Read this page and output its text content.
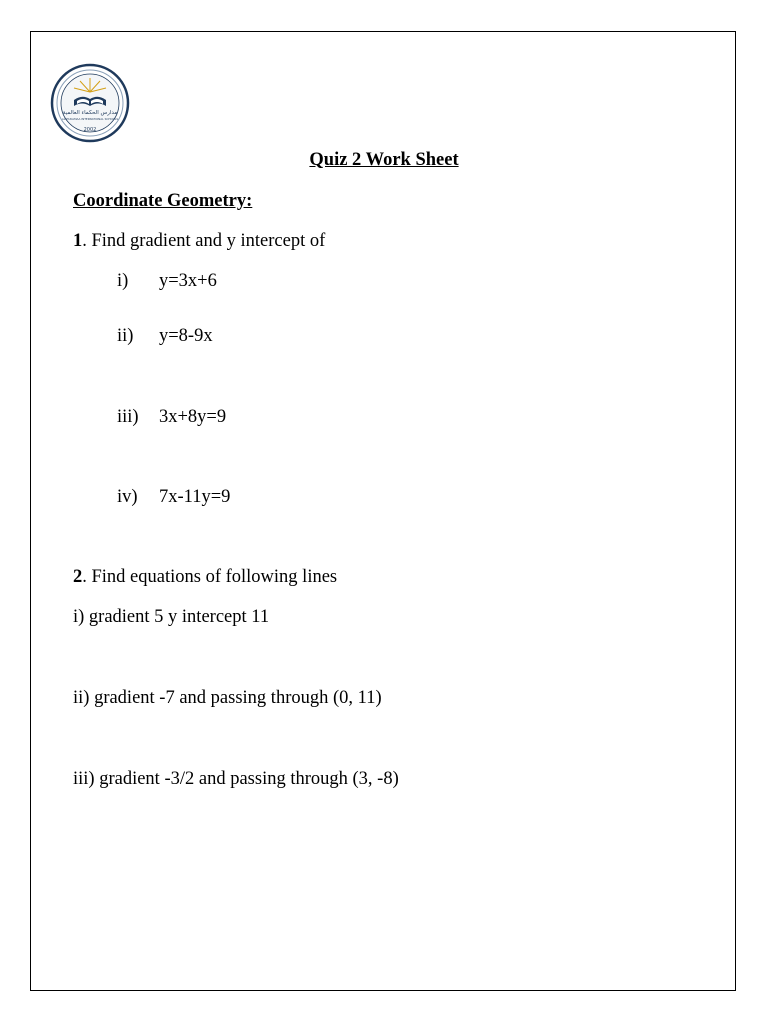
مدارس الحكماء العالمية
AL-HUKAMAA INTERNATIONAL SCHOOLS
2002
Quiz 2 Work Sheet
Coordinate Geometry:
1. Find gradient and y intercept of
i) y=3x+6
ii) y=8-9x
iii) 3x+8y=9
iv) 7x-11y=9
2. Find equations of following lines
i) gradient 5 y intercept 11
ii) gradient -7 and passing through (0, 11)
iii) gradient -3/2 and passing through (3, -8)
